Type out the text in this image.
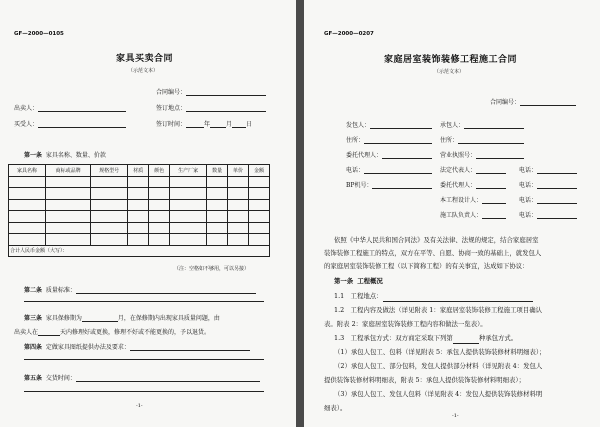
GF—2000—0105
家具买卖合同
（示范文本）
合同编号：
出卖人：	签订地点：
买受人：	签订时间：	年	月 日
第一条 家具名称、数量、价款
家具名称	商标或品牌	规格型号	材质	颜色	生产厂家	数量	单价	金额

合计人民币金额（大写）：								
（注：空格如不够用，可以另接）
第二条 质量标准：
第三条 家具保修期为	月，在保修期内出现家具质量问题，由
出卖人在	天内修理好或更换，修理不好或不能更换的，予以退货。
第四条 定做家具图纸提供办法及要求：
第五条 交货时间：
-1-
GF—2000—0207
家庭居室装饰装修工程施工合同
（示范文本）
合同编号：
发包人：	承包人：
住所：	住所：
委托代理人：	营业执照号：
电话：	法定代表人：	电话：
BP机号：	委托代理人：	电话：
本工程设计人：	电话：
施工队负责人：	电话：
依照《中华人民共和国合同法》及有关法律、法规的规定，结合家庭居室
装饰装修工程施工的特点，双方在平等、自愿、协商一致的基础上，就发包人
的家庭居室装饰装修工程（以下简称工程）的有关事宜，达成如下协议：
第一条 工程概况
1.1　工程地点：
1.2　工程内容及做法（详见附表 1：家庭居室装饰装修工程施工项目确认
表。附表 2：家庭居室装饰装修工程内容和做法一览表）。
1.3　工程承包方式：双方商定采取下列第	种承包方式。
（1）承包人包工、包料（详见附表 5：承包人提供装饰装修材料明细表）；
（2）承包人包工、部分包料，发包人提供部分材料（详见附表 4：发包人
提供装饰装修材料明细表，附表 5：承包人提供装饰装修材料明细表）；
（3）承包人包工、发包人包料（详见附表 4：发包人提供装饰装修材料明
细表）。
-1-
